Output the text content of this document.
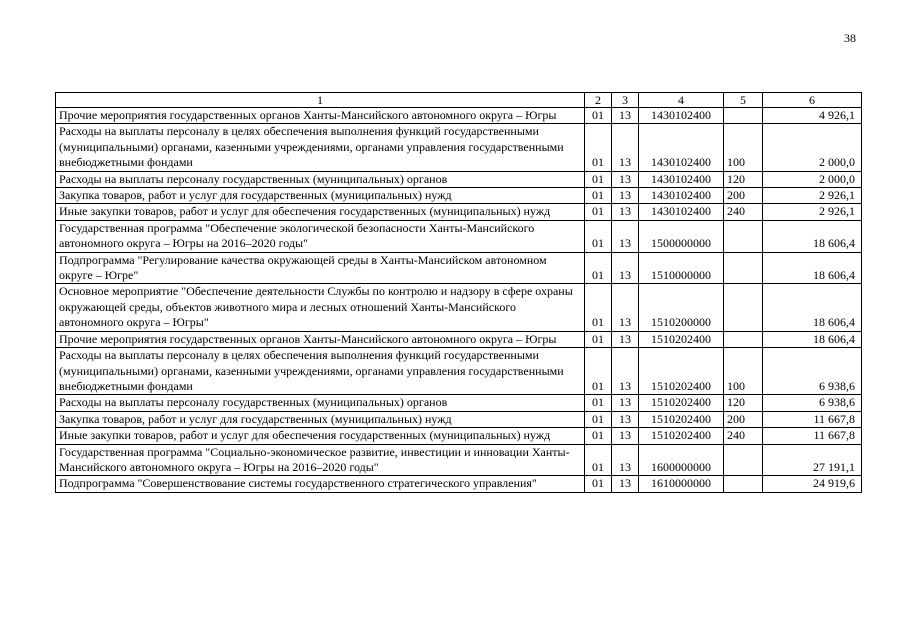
38
1	2	3	4	5	6
Прочие мероприятия государственных органов Ханты-Мансийского автономного округа – Югры	01	13	1430102400		4 926,1
Расходы на выплаты персоналу в целях обеспечения выполнения функций государственными (муниципальными) органами, казенными учреждениями, органами управления государственными внебюджетными фондами	01	13	1430102400	100	2 000,0
Расходы на выплаты персоналу государственных (муниципальных) органов	01	13	1430102400	120	2 000,0
Закупка товаров, работ и услуг для государственных (муниципальных) нужд	01	13	1430102400	200	2 926,1
Иные закупки товаров, работ и услуг для обеспечения государственных (муниципальных) нужд	01	13	1430102400	240	2 926,1
Государственная программа "Обеспечение экологической безопасности Ханты-Мансийского автономного округа – Югры на 2016–2020 годы"	01	13	1500000000		18 606,4
Подпрограмма "Регулирование качества окружающей среды в Ханты-Мансийском автономном округе – Югре"	01	13	1510000000		18 606,4
Основное мероприятие "Обеспечение деятельности Службы по контролю и надзору в сфере охраны окружающей среды, объектов животного мира и лесных отношений Ханты-Мансийского автономного округа – Югры"	01	13	1510200000		18 606,4
Прочие мероприятия государственных органов Ханты-Мансийского автономного округа – Югры	01	13	1510202400		18 606,4
Расходы на выплаты персоналу в целях обеспечения выполнения функций государственными (муниципальными) органами, казенными учреждениями, органами управления государственными внебюджетными фондами	01	13	1510202400	100	6 938,6
Расходы на выплаты персоналу государственных (муниципальных) органов	01	13	1510202400	120	6 938,6
Закупка товаров, работ и услуг для государственных (муниципальных) нужд	01	13	1510202400	200	11 667,8
Иные закупки товаров, работ и услуг для обеспечения государственных (муниципальных) нужд	01	13	1510202400	240	11 667,8
Государственная программа "Социально-экономическое развитие, инвестиции и инновации Ханты-Мансийского автономного округа – Югры на 2016–2020 годы"	01	13	1600000000		27 191,1
Подпрограмма "Совершенствование системы государственного стратегического управления"	01	13	1610000000		24 919,6
